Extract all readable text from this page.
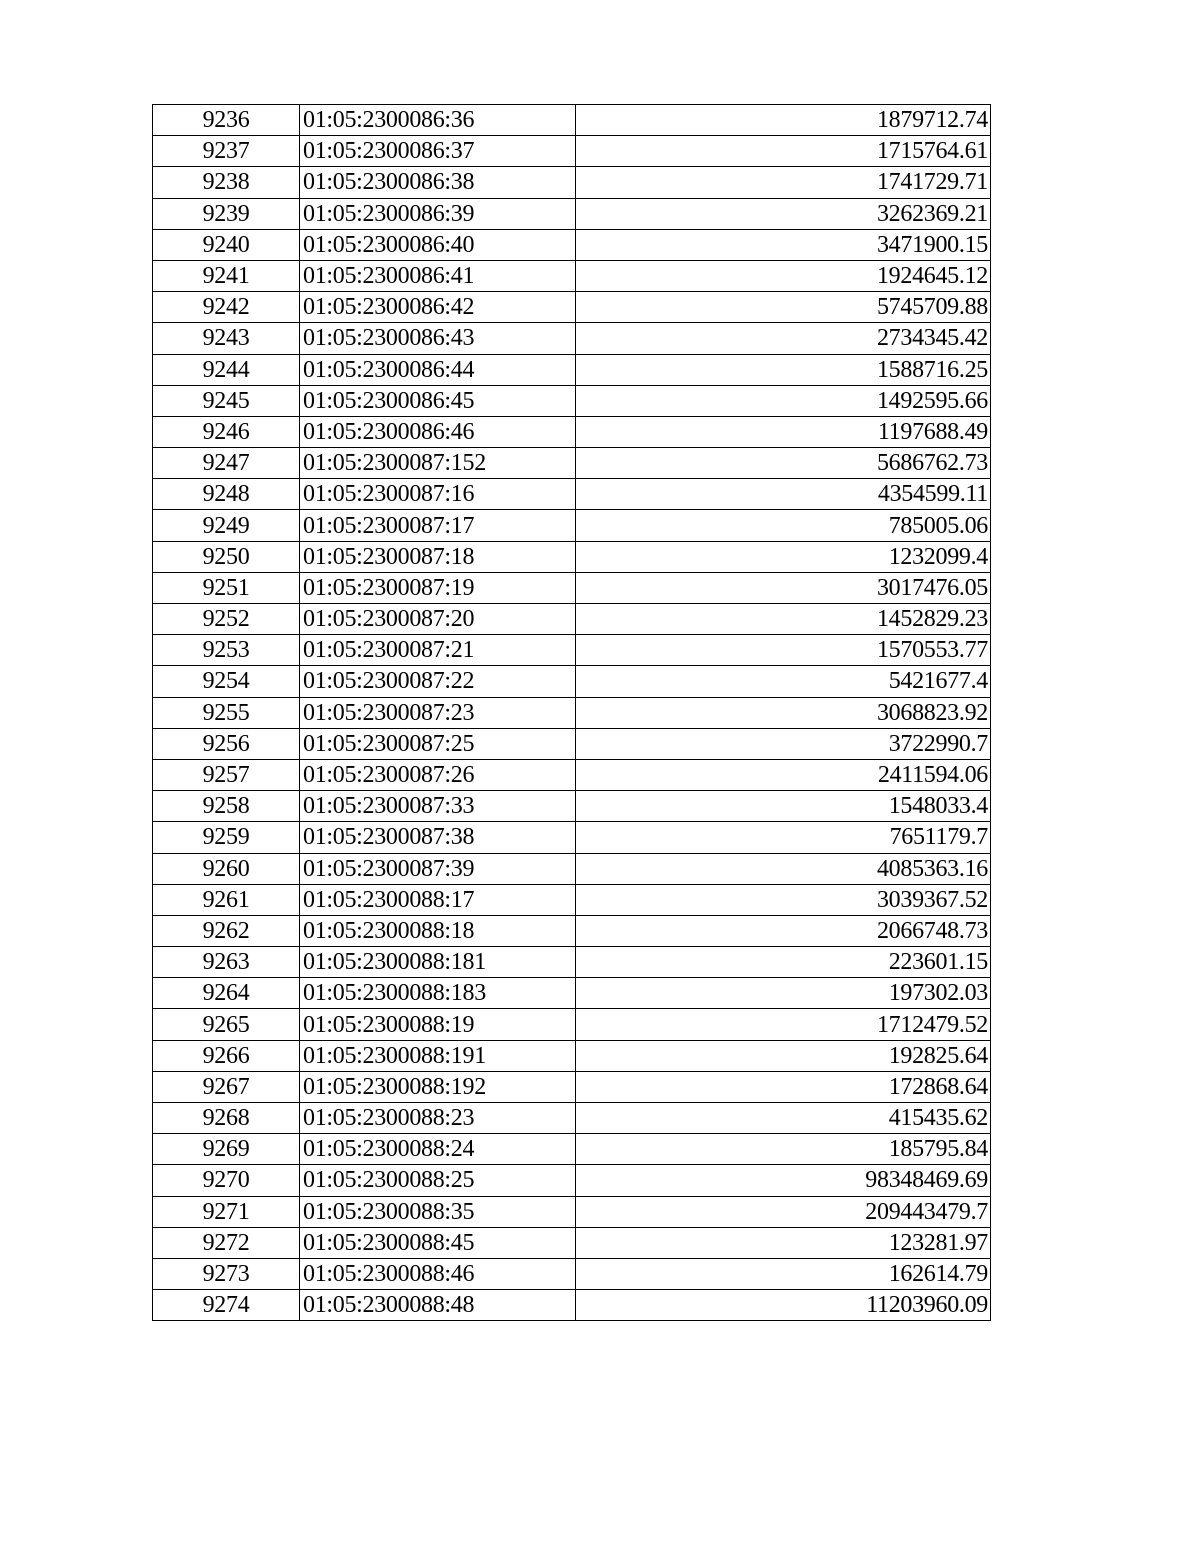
9236	01:05:2300086:36	1879712.74
9237	01:05:2300086:37	1715764.61
9238	01:05:2300086:38	1741729.71
9239	01:05:2300086:39	3262369.21
9240	01:05:2300086:40	3471900.15
9241	01:05:2300086:41	1924645.12
9242	01:05:2300086:42	5745709.88
9243	01:05:2300086:43	2734345.42
9244	01:05:2300086:44	1588716.25
9245	01:05:2300086:45	1492595.66
9246	01:05:2300086:46	1197688.49
9247	01:05:2300087:152	5686762.73
9248	01:05:2300087:16	4354599.11
9249	01:05:2300087:17	785005.06
9250	01:05:2300087:18	1232099.4
9251	01:05:2300087:19	3017476.05
9252	01:05:2300087:20	1452829.23
9253	01:05:2300087:21	1570553.77
9254	01:05:2300087:22	5421677.4
9255	01:05:2300087:23	3068823.92
9256	01:05:2300087:25	3722990.7
9257	01:05:2300087:26	2411594.06
9258	01:05:2300087:33	1548033.4
9259	01:05:2300087:38	7651179.7
9260	01:05:2300087:39	4085363.16
9261	01:05:2300088:17	3039367.52
9262	01:05:2300088:18	2066748.73
9263	01:05:2300088:181	223601.15
9264	01:05:2300088:183	197302.03
9265	01:05:2300088:19	1712479.52
9266	01:05:2300088:191	192825.64
9267	01:05:2300088:192	172868.64
9268	01:05:2300088:23	415435.62
9269	01:05:2300088:24	185795.84
9270	01:05:2300088:25	98348469.69
9271	01:05:2300088:35	209443479.7
9272	01:05:2300088:45	123281.97
9273	01:05:2300088:46	162614.79
9274	01:05:2300088:48	11203960.09
